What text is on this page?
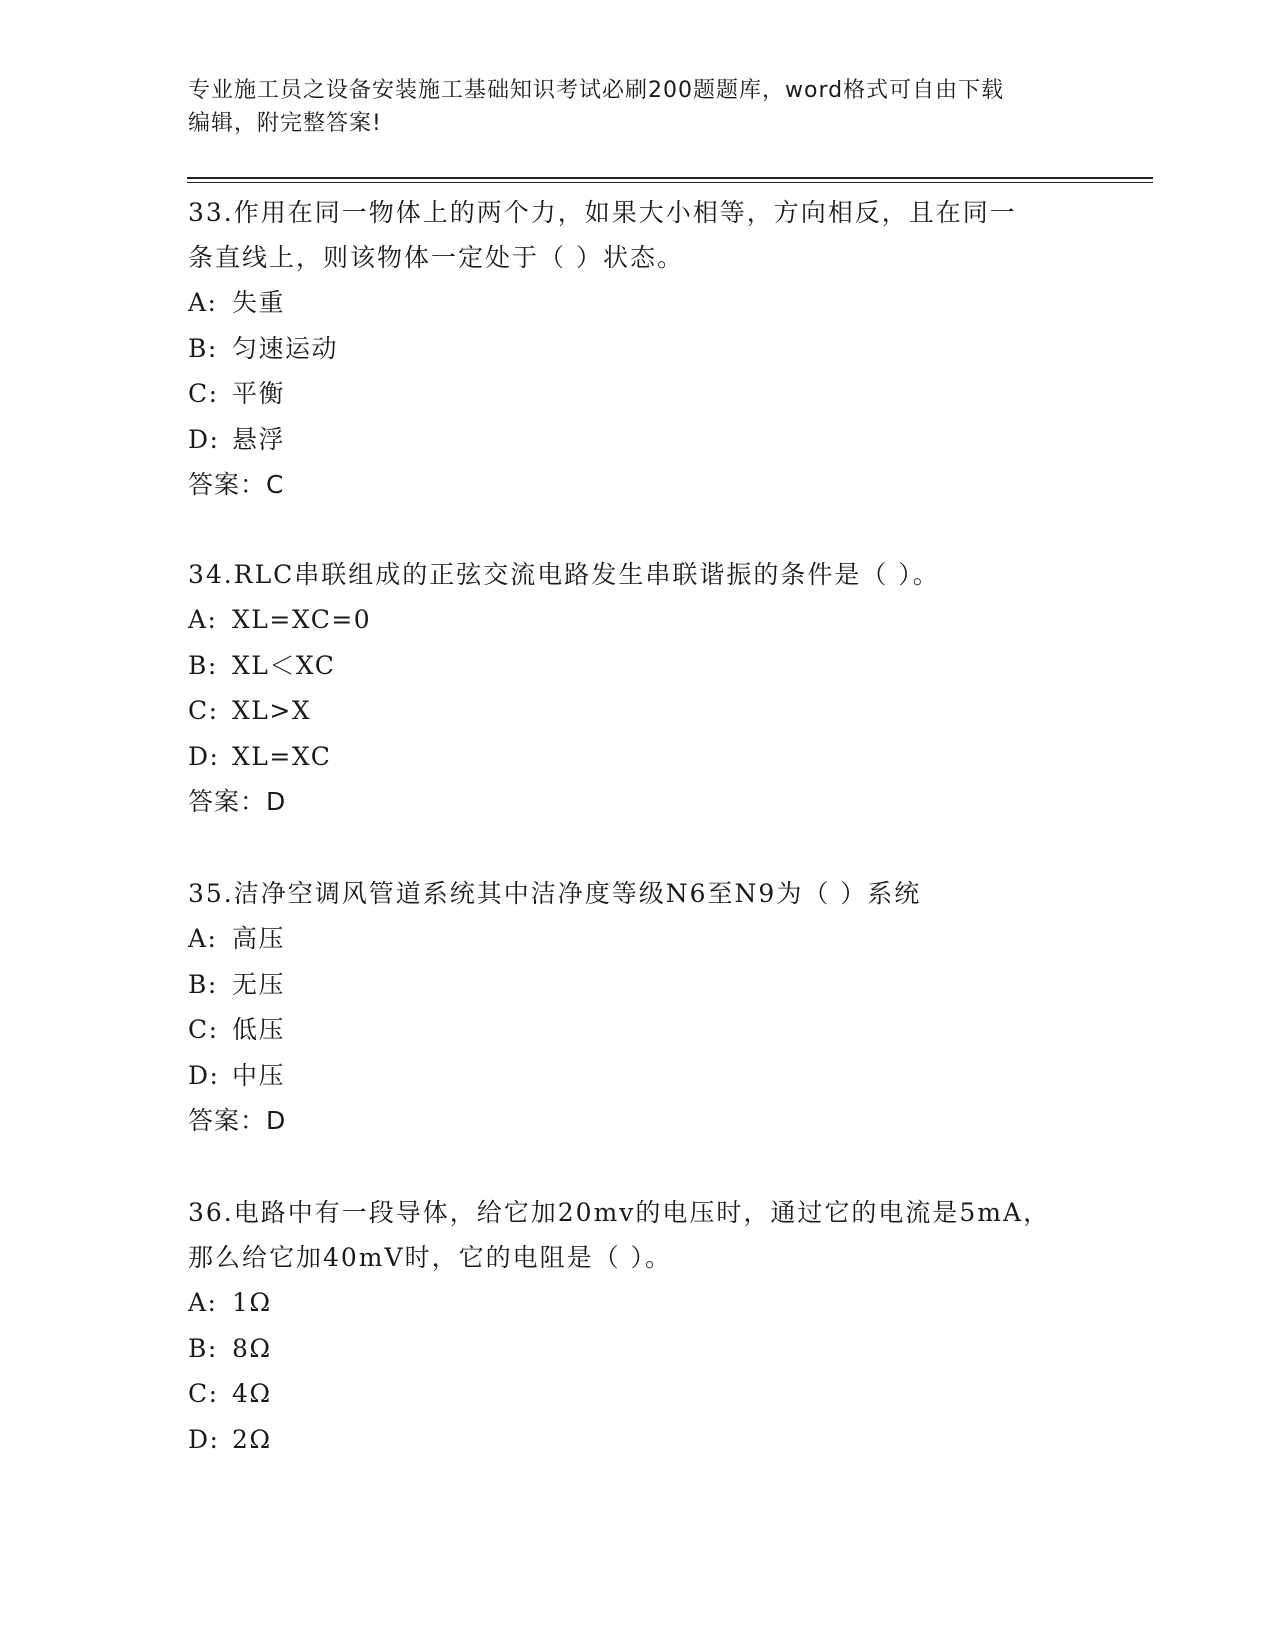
专业施工员之设备安装施工基础知识考试必刷200题题库，word格式可自由下载
编辑，附完整答案!
33.作用在同一物体上的两个力，如果大小相等，方向相反，且在同一
条直线上，则该物体一定处于（ ）状态。
A: 失重
B: 匀速运动
C: 平衡
D: 悬浮
答案： C
34.RLC串联组成的正弦交流电路发生串联谐振的条件是（ ）。
A: XL=XC=0
B: XL＜XC
C: XL>X
D: XL=XC
答案： D
35.洁净空调风管道系统其中洁净度等级N6至N9为（ ）系统
A: 高压
B: 无压
C: 低压
D: 中压
答案： D
36.电路中有一段导体，给它加20mv的电压时，通过它的电流是5mA，
那么给它加40mV时，它的电阻是（ ）。
A: 1Ω
B: 8Ω
C: 4Ω
D: 2Ω
